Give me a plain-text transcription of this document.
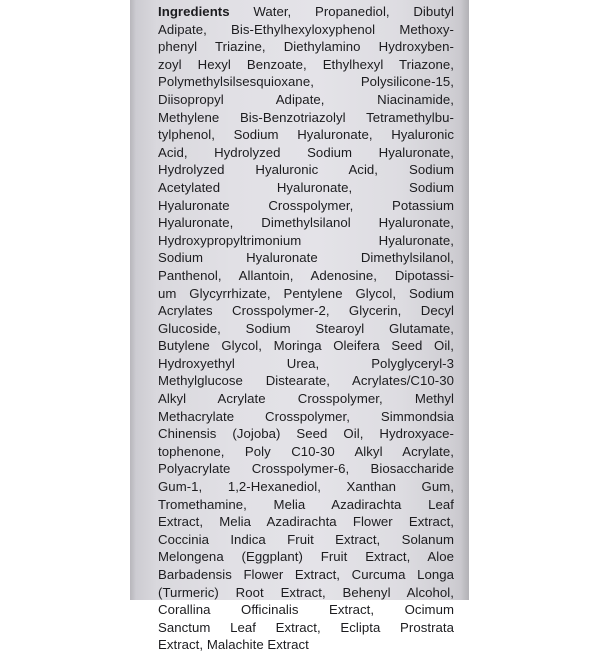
Ingredients Water, Propanediol, Dibutyl
Adipate, Bis-Ethylhexyloxyphenol Methoxy-
phenyl Triazine, Diethylamino Hydroxyben-
zoyl Hexyl Benzoate, Ethylhexyl Triazone,
Polymethylsilsesquioxane, Polysilicone-15,
Diisopropyl Adipate, Niacinamide,
Methylene Bis-Benzotriazolyl Tetramethylbu-
tylphenol, Sodium Hyaluronate, Hyaluronic
Acid, Hydrolyzed Sodium Hyaluronate,
Hydrolyzed Hyaluronic Acid, Sodium
Acetylated Hyaluronate, Sodium
Hyaluronate Crosspolymer, Potassium
Hyaluronate, Dimethylsilanol Hyaluronate,
Hydroxypropyltrimonium Hyaluronate,
Sodium Hyaluronate Dimethylsilanol,
Panthenol, Allantoin, Adenosine, Dipotassi-
um Glycyrrhizate, Pentylene Glycol, Sodium
Acrylates Crosspolymer-2, Glycerin, Decyl
Glucoside, Sodium Stearoyl Glutamate,
Butylene Glycol, Moringa Oleifera Seed Oil,
Hydroxyethyl Urea, Polyglyceryl-3
Methylglucose Distearate, Acrylates/C10-30
Alkyl Acrylate Crosspolymer, Methyl
Methacrylate Crosspolymer, Simmondsia
Chinensis (Jojoba) Seed Oil, Hydroxyace-
tophenone, Poly C10-30 Alkyl Acrylate,
Polyacrylate Crosspolymer-6, Biosaccharide
Gum-1, 1,2-Hexanediol, Xanthan Gum,
Tromethamine, Melia Azadirachta Leaf
Extract, Melia Azadirachta Flower Extract,
Coccinia Indica Fruit Extract, Solanum
Melongena (Eggplant) Fruit Extract, Aloe
Barbadensis Flower Extract, Curcuma Longa
(Turmeric) Root Extract, Behenyl Alcohol,
Corallina Officinalis Extract, Ocimum
Sanctum Leaf Extract, Eclipta Prostrata
Extract, Malachite Extract
